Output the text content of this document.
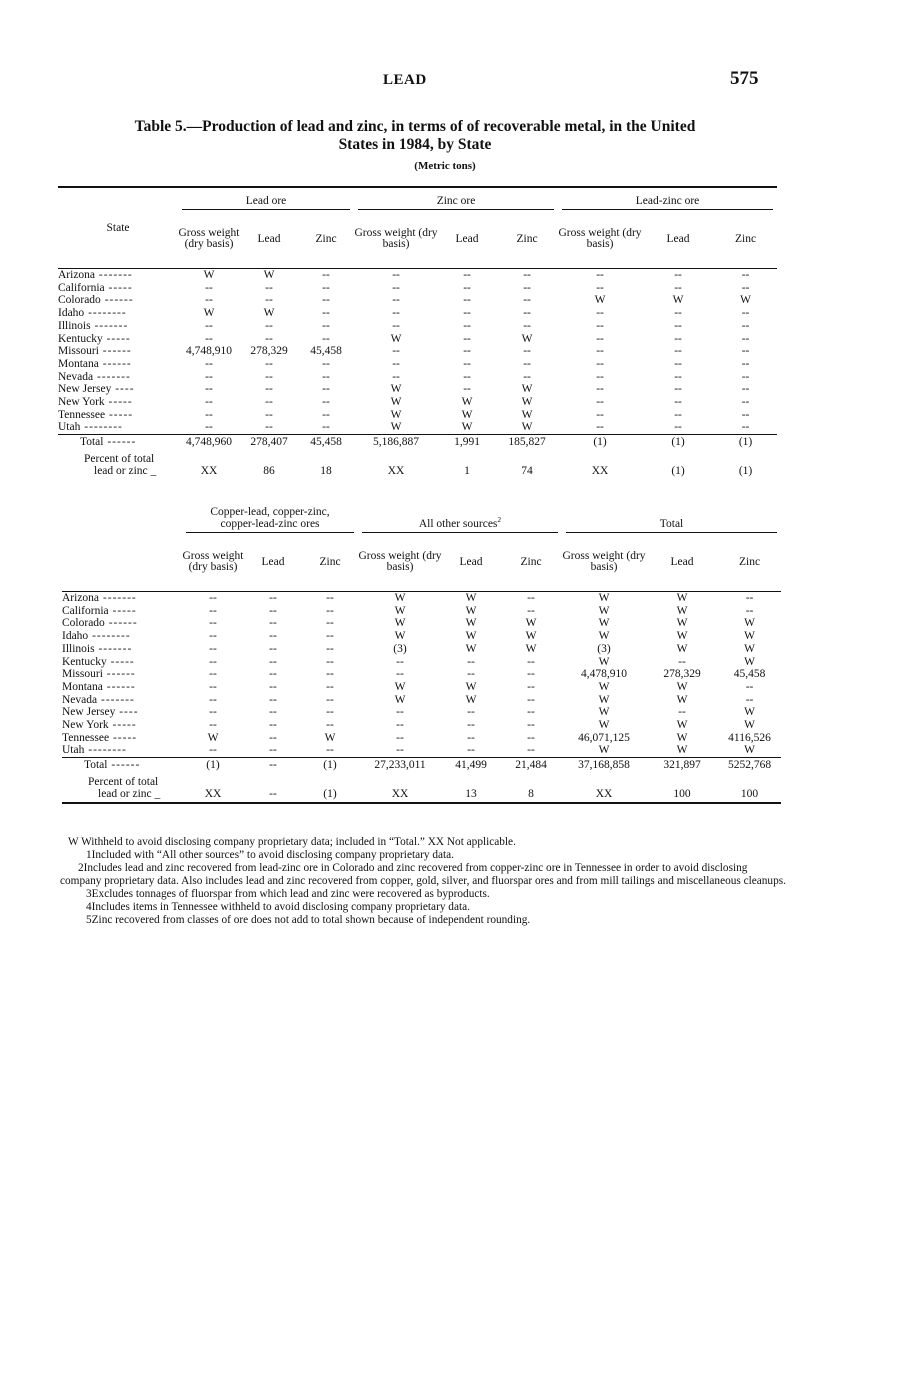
LEAD	575
Table 5.—Production of lead and zinc, in terms of of recoverable metal, in the United
States in 1984, by State
(Metric tons)
State	Lead ore			Zinc ore			Lead-zinc ore		

	Gross weight (dry basis)	Lead	Zinc	Gross weight (dry basis)	Lead	Zinc	Gross weight (dry basis)	Lead	Zinc
Arizona -------	W	W	--	--	--	--	--	--	--
California -----	--	--	--	--	--	--	--	--	--
Colorado ------	--	--	--	--	--	--	W	W	W
Idaho --------	W	W	--	--	--	--	--	--	--
Illinois -------	--	--	--	--	--	--	--	--	--
Kentucky -----	--	--	--	W	--	W	--	--	--
Missouri ------	4,748,910	278,329	45,458	--	--	--	--	--	--
Montana ------	--	--	--	--	--	--	--	--	--
Nevada -------	--	--	--	--	--	--	--	--	--
New Jersey ----	--	--	--	W	--	W	--	--	--
New York -----	--	--	--	W	W	W	--	--	--
Tennessee -----	--	--	--	W	W	W	--	--	--
Utah --------	--	--	--	W	W	W	--	--	--
Total ------	4,748,960	278,407	45,458	5,186,887	1,991	185,827	(1)	(1)	(1)

Percent of total
lead or zinc _	XX	86	18	XX	1	74	XX	(1)	(1)

	Copper-lead, copper-zinc, copper-lead-zinc ores			All other sources$^2$			Total		

	Gross weight (dry basis)	Lead	Zinc	Gross weight (dry basis)	Lead	Zinc	Gross weight (dry basis)	Lead	Zinc
Arizona -------	--	--	--	W	W	--	W	W	--
California -----	--	--	--	W	W	--	W	W	--
Colorado ------	--	--	--	W	W	W	W	W	W
Idaho --------	--	--	--	W	W	W	W	W	W
Illinois -------	--	--	--	(3)	W	W	(3)	W	W
Kentucky -----	--	--	--	--	--	--	W	--	W
Missouri ------	--	--	--	--	--	--	4,478,910	278,329	45,458
Montana ------	--	--	--	W	W	--	W	W	--
Nevada -------	--	--	--	W	W	--	W	W	--
New Jersey ----	--	--	--	--	--	--	W	--	W
New York -----	--	--	--	--	--	--	W	W	W
Tennessee -----	W	--	W	--	--	--	46,071,125	W	4116,526
Utah --------	--	--	--	--	--	--	W	W	W
Total ------	(1)	--	(1)	27,233,011	41,499	21,484	37,168,858	321,897	5252,768

Percent of total
lead or zinc _	XX	--	(1)	XX	13	8	XX	100	100

W Withheld to avoid disclosing company proprietary data; included in “Total.” XX Not applicable.

1Included with “All other sources” to avoid disclosing company proprietary data.

2Includes lead and zinc recovered from lead-zinc ore in Colorado and zinc recovered from copper-zinc ore in Tennessee in order to avoid disclosing company proprietary data. Also includes lead and zinc recovered from copper, gold, silver, and fluorspar ores and from mill tailings and miscellaneous cleanups.

3Excludes tonnages of fluorspar from which lead and zinc were recovered as byproducts.

4Includes items in Tennessee withheld to avoid disclosing company proprietary data.

5Zinc recovered from classes of ore does not add to total shown because of independent rounding.
